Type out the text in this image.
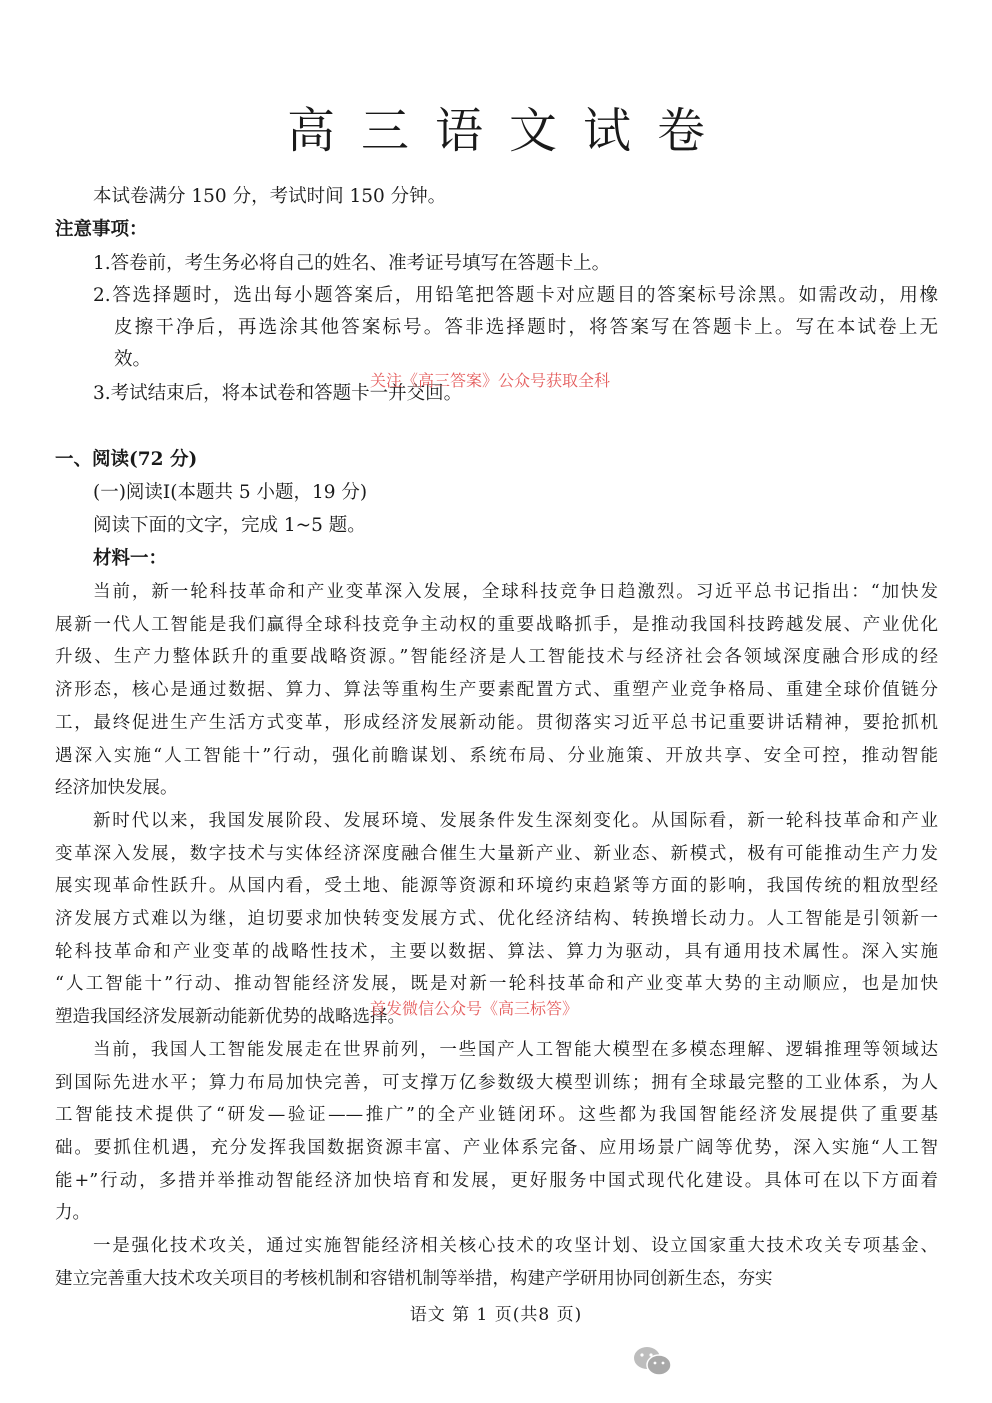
高三语文试卷
本试卷满分 150 分，考试时间 150 分钟。
注意事项：
1.答卷前，考生务必将自己的姓名、准考证号填写在答题卡上。
2.答选择题时，选出每小题答案后，用铅笔把答题卡对应题目的答案标号涂黑。如需改动，用橡
皮擦干净后，再选涂其他答案标号。答非选择题时，将答案写在答题卡上。写在本试卷上无
效。
3.考试结束后，将本试卷和答题卡一并交回。
关注《高三答案》公众号获取全科
一、阅读(72 分)
(一)阅读Ⅰ(本题共 5 小题，19 分)
阅读下面的文字，完成 1~5 题。
材料一：
当前，新一轮科技革命和产业变革深入发展，全球科技竞争日趋激烈。习近平总书记指出：“加快发
展新一代人工智能是我们赢得全球科技竞争主动权的重要战略抓手，是推动我国科技跨越发展、产业优化
升级、生产力整体跃升的重要战略资源。”智能经济是人工智能技术与经济社会各领域深度融合形成的经
济形态，核心是通过数据、算力、算法等重构生产要素配置方式、重塑产业竞争格局、重建全球价值链分
工，最终促进生产生活方式变革，形成经济发展新动能。贯彻落实习近平总书记重要讲话精神，要抢抓机
遇深入实施“人工智能十”行动，强化前瞻谋划、系统布局、分业施策、开放共享、安全可控，推动智能
经济加快发展。
新时代以来，我国发展阶段、发展环境、发展条件发生深刻变化。从国际看，新一轮科技革命和产业
变革深入发展，数字技术与实体经济深度融合催生大量新产业、新业态、新模式，极有可能推动生产力发
展实现革命性跃升。从国内看，受土地、能源等资源和环境约束趋紧等方面的影响，我国传统的粗放型经
济发展方式难以为继，迫切要求加快转变发展方式、优化经济结构、转换增长动力。人工智能是引领新一
轮科技革命和产业变革的战略性技术，主要以数据、算法、算力为驱动，具有通用技术属性。深入实施
“人工智能十”行动、推动智能经济发展，既是对新一轮科技革命和产业变革大势的主动顺应，也是加快
塑造我国经济发展新动能新优势的战略选择。
当前，我国人工智能发展走在世界前列，一些国产人工智能大模型在多模态理解、逻辑推理等领域达
到国际先进水平；算力布局加快完善，可支撑万亿参数级大模型训练；拥有全球最完整的工业体系，为人
工智能技术提供了“研发—验证——推广”的全产业链闭环。这些都为我国智能经济发展提供了重要基
础。要抓住机遇，充分发挥我国数据资源丰富、产业体系完备、应用场景广阔等优势，深入实施“人工智
能+”行动，多措并举推动智能经济加快培育和发展，更好服务中国式现代化建设。具体可在以下方面着
力。
一是强化技术攻关，通过实施智能经济相关核心技术的攻坚计划、设立国家重大技术攻关专项基金、
建立完善重大技术攻关项目的考核机制和容错机制等举措，构建产学研用协同创新生态，夯实
首发微信公众号《高三标答》
语文 第 1 页(共8 页)
